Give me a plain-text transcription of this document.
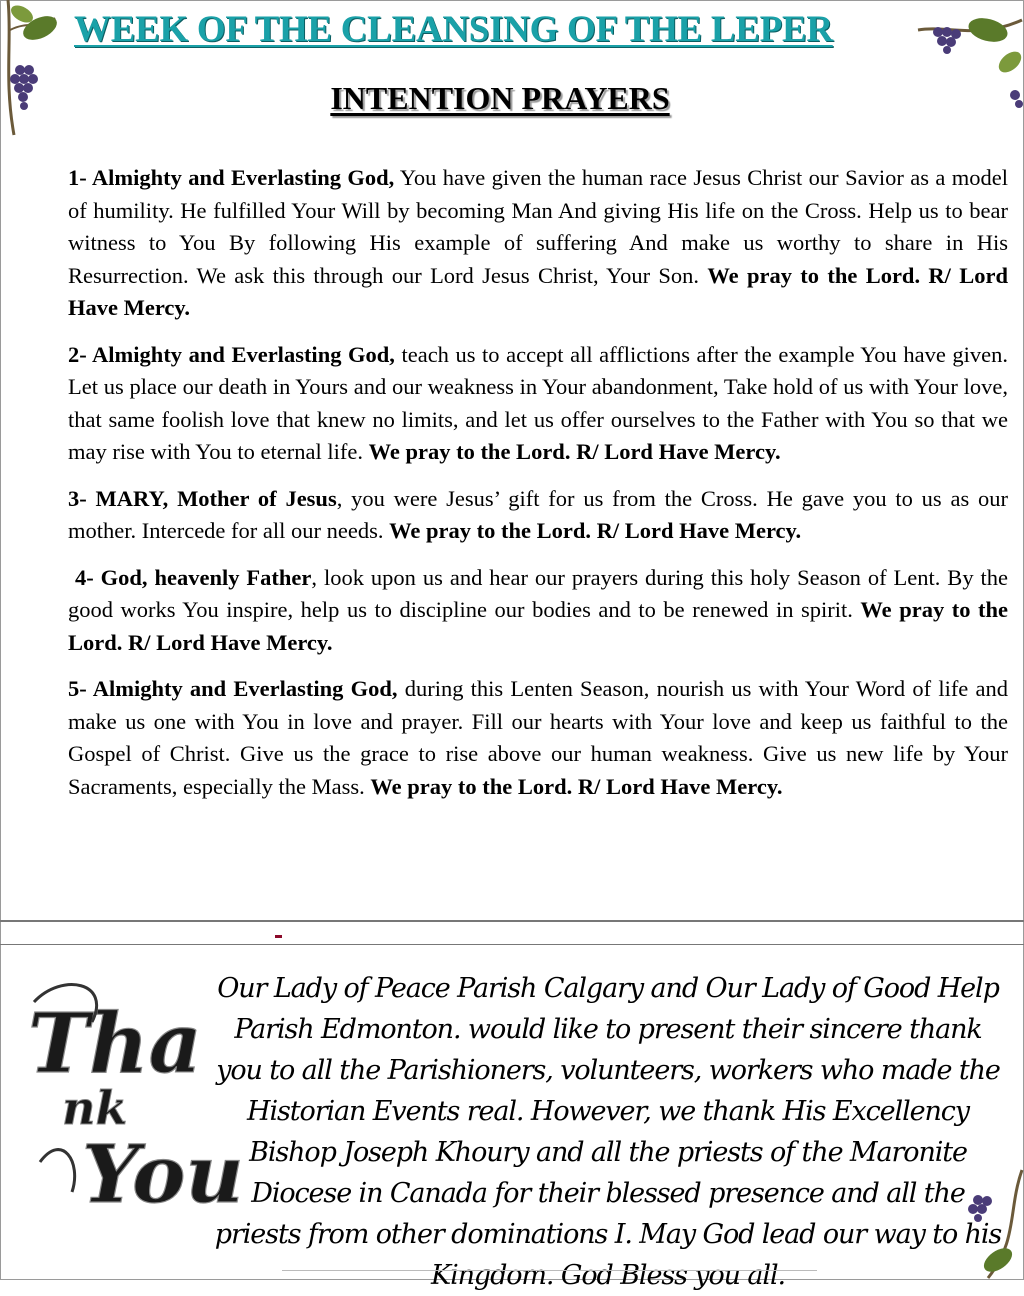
WEEK OF THE CLEANSING OF THE LEPER
INTENTION PRAYERS

1- Almighty and Everlasting God, You have given the human race Jesus Christ our Savior as a model of humility. He fulfilled Your Will by becoming Man And giving His life on the Cross. Help us to bear witness to You By following His example of suffering And make us worthy to share in His Resurrection. We ask this through our Lord Jesus Christ, Your Son. We pray to the Lord. R/ Lord Have Mercy.

2- Almighty and Everlasting God, teach us to accept all afflictions after the example You have given. Let us place our death in Yours and our weakness in Your abandonment, Take hold of us with Your love, that same foolish love that knew no limits, and let us offer ourselves to the Father with You so that we may rise with You to eternal life. We pray to the Lord. R/ Lord Have Mercy.

3- MARY, Mother of Jesus, you were Jesus’ gift for us from the Cross. He gave you to us as our mother. Intercede for all our needs. We pray to the Lord. R/ Lord Have Mercy.

4- God, heavenly Father, look upon us and hear our prayers during this holy Season of Lent. By the good works You inspire, help us to discipline our bodies and to be renewed in spirit. We pray to the Lord. R/ Lord Have Mercy.

5- Almighty and Everlasting God, during this Lenten Season, nourish us with Your Word of life and make us one with You in love and prayer. Fill our hearts with Your love and keep us faithful to the Gospel of Christ. Give us the grace to rise above our human weakness. Give us new life by Your Sacraments, especially the Mass. We pray to the Lord. R/ Lord Have Mercy.

Tha
nk
You

Our Lady of Peace Parish Calgary and Our Lady of Good Help Parish Edmonton. would like to present their sincere thank you to all the Parishioners, volunteers, workers who made the Historian Events real. However, we thank His Excellency Bishop Joseph Khoury and all the priests of the Maronite Diocese in Canada for their blessed presence and all the priests from other dominations I. May God lead our way to his Kingdom. God Bless you all.
